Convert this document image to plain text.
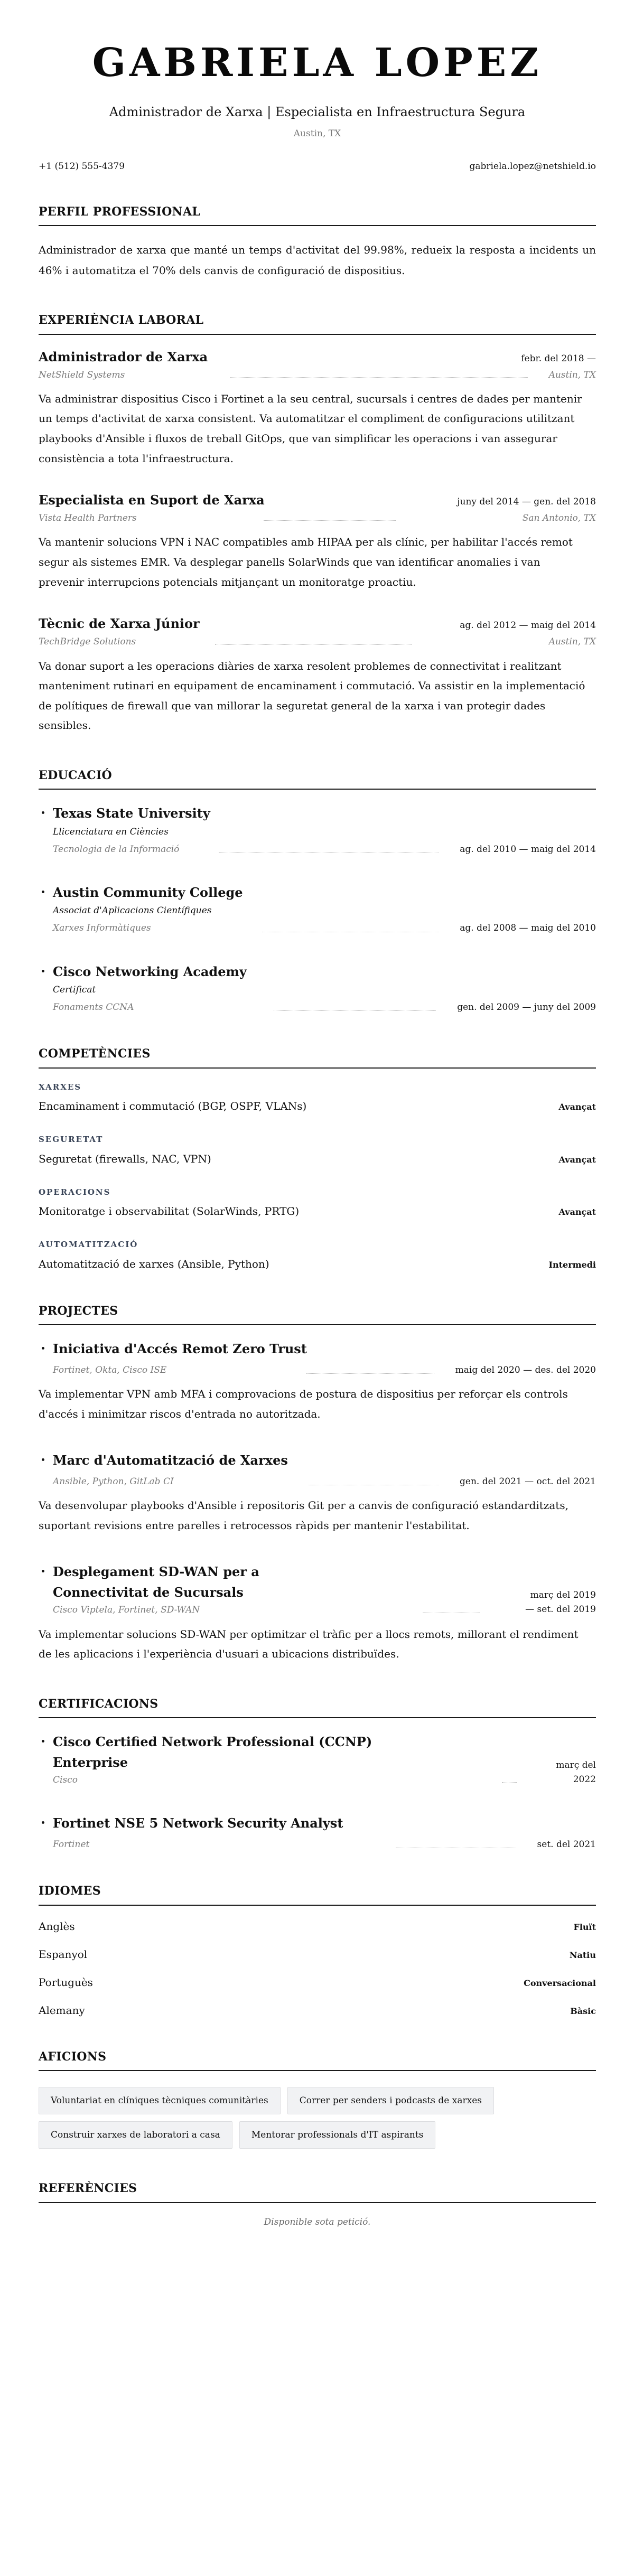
GABRIELA LOPEZ
Administrador de Xarxa | Especialista en Infraestructura Segura
Austin, TX
+1 (512) 555-4379	gabriela.lopez@netshield.io
PERFIL PROFESSIONAL

Administrador de xarxa que manté un temps d'activitat del 99.98%, redueix la resposta a incidents un 46% i automatitza el 70% dels canvis de configuració de dispositius.

EXPERIÈNCIA LABORAL
Administrador de Xarxa	febr. del 2018 —
NetShield Systems	Austin, TX

Va administrar dispositius Cisco i Fortinet a la seu central, sucursals i centres de dades per mantenir un temps d'activitat de xarxa consistent. Va automatitzar el compliment de configuracions utilitzant playbooks d'Ansible i fluxos de treball GitOps, que van simplificar les operacions i van assegurar consistència a tota l'infraestructura.

Especialista en Suport de Xarxa	juny del 2014 — gen. del 2018
Vista Health Partners	San Antonio, TX

Va mantenir solucions VPN i NAC compatibles amb HIPAA per als clínic, per habilitar l'accés remot segur als sistemes EMR. Va desplegar panells SolarWinds que van identificar anomalies i van prevenir interrupcions potencials mitjançant un monitoratge proactiu.

Tècnic de Xarxa Júnior	ag. del 2012 — maig del 2014
TechBridge Solutions	Austin, TX

Va donar suport a les operacions diàries de xarxa resolent problemes de connectivitat i realitzant manteniment rutinari en equipament de encaminament i commutació. Va assistir en la implementació de polítiques de firewall que van millorar la seguretat general de la xarxa i van protegir dades sensibles.

EDUCACIÓ
Texas State University
Llicenciatura en Ciències
Tecnologia de la Informació	ag. del 2010 — maig del 2014
Austin Community College
Associat d'Aplicacions Científiques
Xarxes Informàtiques	ag. del 2008 — maig del 2010
Cisco Networking Academy
Certificat
Fonaments CCNA	gen. del 2009 — juny del 2009
COMPETÈNCIES
XARXES
Encaminament i commutació (BGP, OSPF, VLANs)	Avançat
SEGURETAT
Seguretat (firewalls, NAC, VPN)	Avançat
OPERACIONS
Monitoratge i observabilitat (SolarWinds, PRTG)	Avançat
AUTOMATITZACIÓ
Automatització de xarxes (Ansible, Python)	Intermedi
PROJECTES
Iniciativa d'Accés Remot Zero Trust
Fortinet, Okta, Cisco ISE	maig del 2020 — des. del 2020

Va implementar VPN amb MFA i comprovacions de postura de dispositius per reforçar els controls d'accés i minimitzar riscos d'entrada no autoritzada.

Marc d'Automatització de Xarxes
Ansible, Python, GitLab CI	gen. del 2021 — oct. del 2021

Va desenvolupar playbooks d'Ansible i repositoris Git per a canvis de configuració estandarditzats, suportant revisions entre parelles i retrocessos ràpids per mantenir l'estabilitat.

Desplegament SD-WAN per a Connectivitat de Sucursals
Cisco Viptela, Fortinet, SD-WAN
març del 2019 — set. del 2019

Va implementar solucions SD-WAN per optimitzar el tràfic per a llocs remots, millorant el rendiment de les aplicacions i l'experiència d'usuari a ubicacions distribuïdes.

CERTIFICACIONS
Cisco Certified Network Professional (CCNP) Enterprise
Cisco
març del 2022
Fortinet NSE 5 Network Security Analyst
Fortinet	set. del 2021
IDIOMES
Anglès	Fluït
Espanyol	Natiu
Portuguès	Conversacional
Alemany	Bàsic
AFICIONS
Voluntariat en clíniques tècniques comunitàries	Correr per senders i podcasts de xarxes
Construir xarxes de laboratori a casa	Mentorar professionals d'IT aspirants
REFERÈNCIES
Disponible sota petició.
